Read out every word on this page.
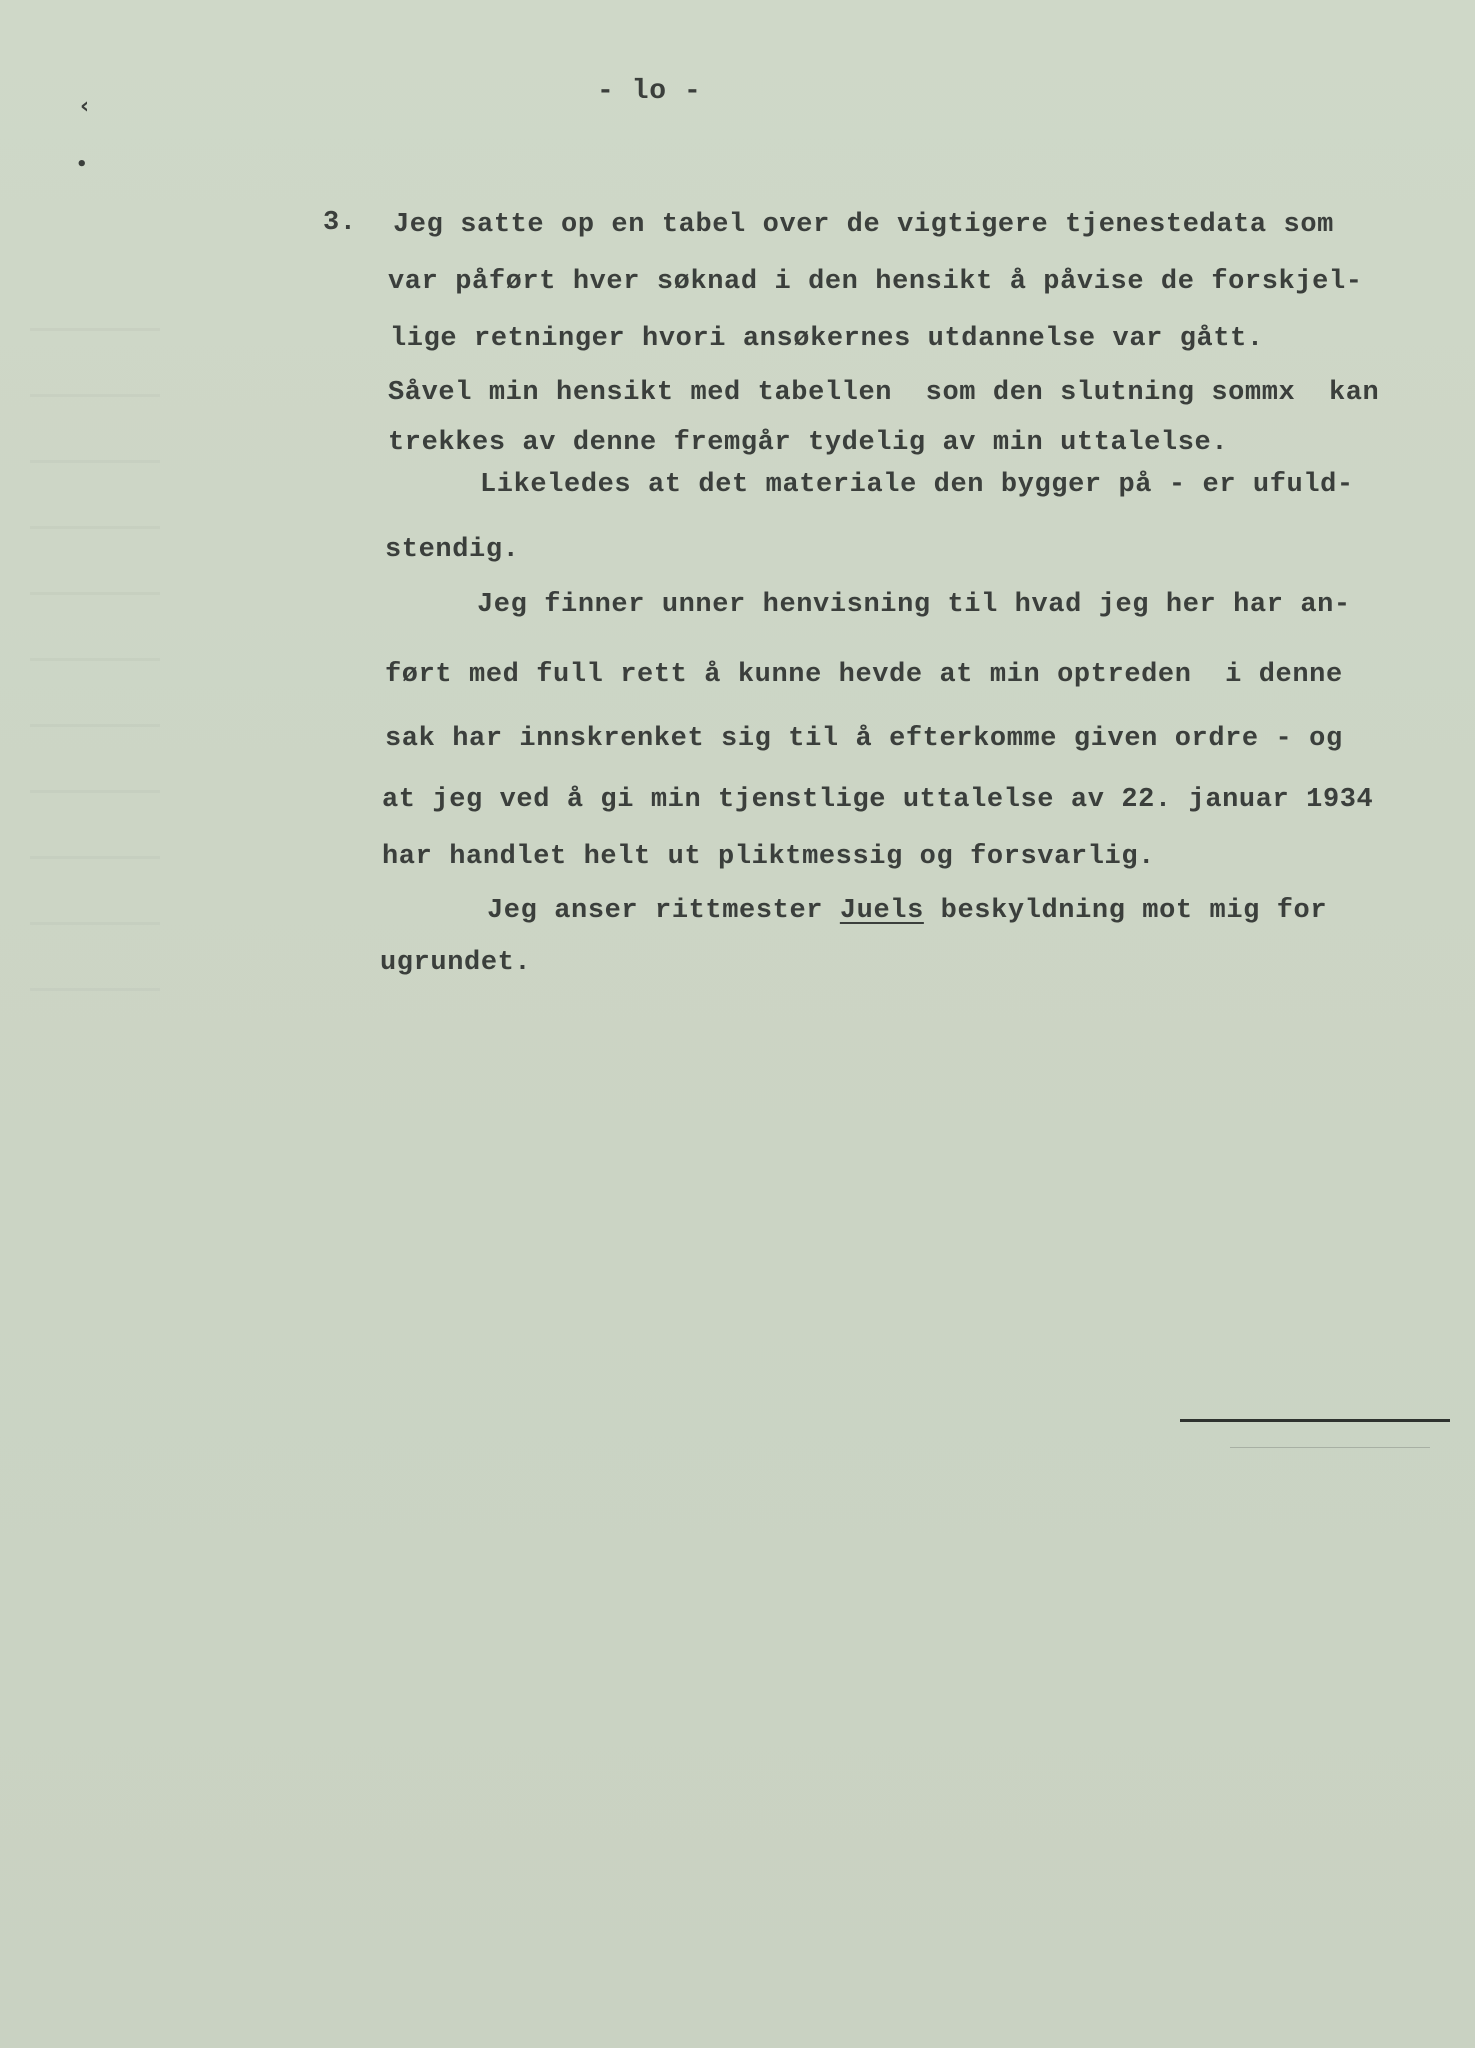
‹
•
- lo -
3. Jeg satte op en tabel over de vigtigere tjenestedata som
var påført hver søknad i den hensikt å påvise de forskjel-
lige retninger hvori ansøkernes utdannelse var gått.
Såvel min hensikt med tabellen  som den slutning sommx  kan
trekkes av denne fremgår tydelig av min uttalelse.
Likeledes at det materiale den bygger på - er ufuld-
stendig.
Jeg finner unner henvisning til hvad jeg her har an-
ført med full rett å kunne hevde at min optreden  i denne
sak har innskrenket sig til å efterkomme given ordre - og
at jeg ved å gi min tjenstlige uttalelse av 22. januar 1934
har handlet helt ut pliktmessig og forsvarlig.
Jeg anser rittmester Juels beskyldning mot mig for
ugrundet.
